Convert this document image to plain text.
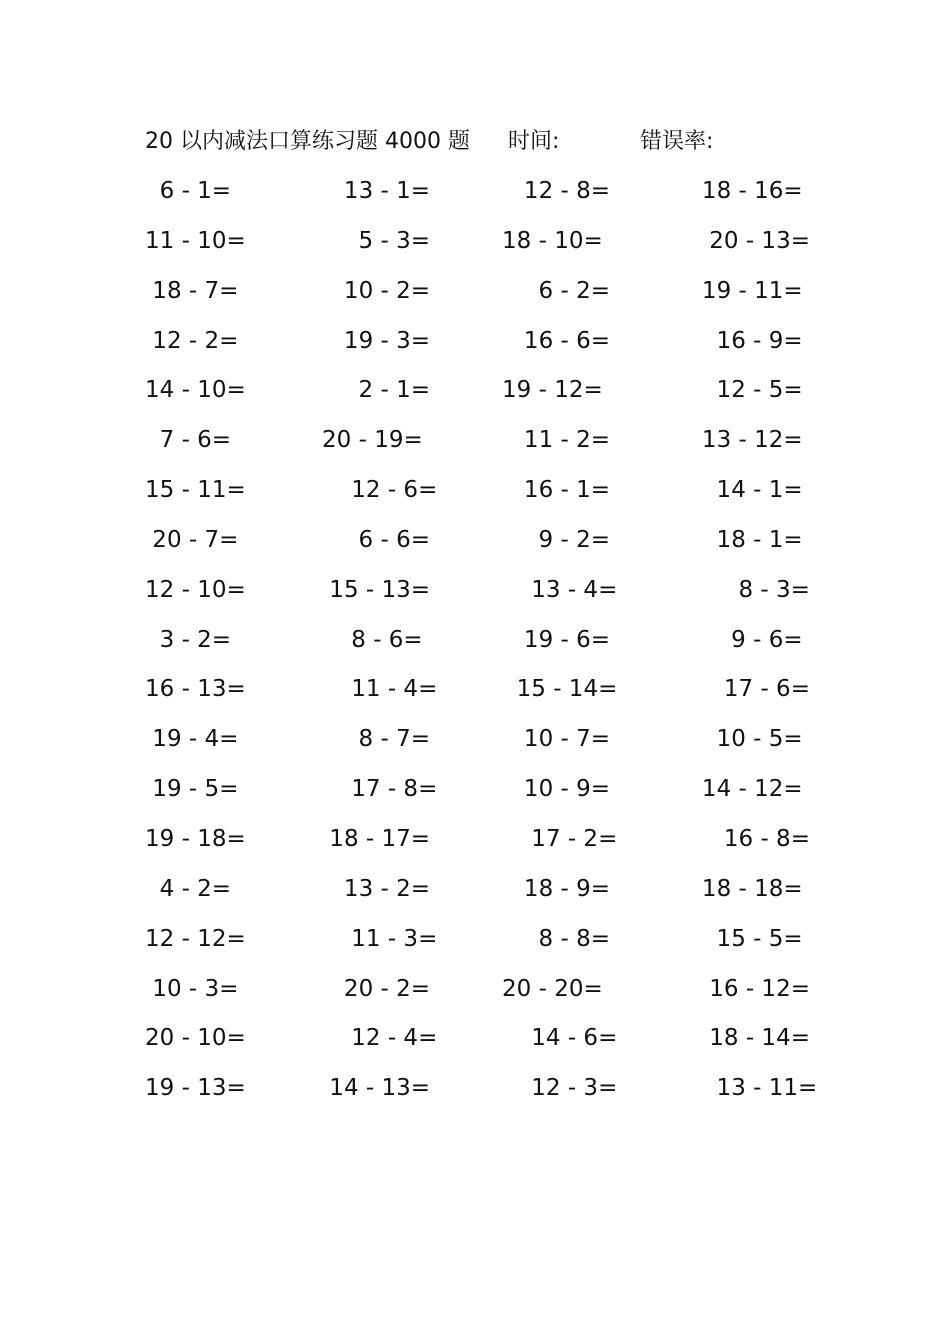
20 以内减法口算练习题 4000 题 时间:	错误率:
6 - 1=	13 - 1=	12 - 8=	18 - 16=
11 - 10=	5 - 3=	18 - 10=	20 - 13=
18 - 7=	10 - 2=	6 - 2=	19 - 11=
12 - 2=	19 - 3=	16 - 6=	16 - 9=
14 - 10=	2 - 1=	19 - 12=	12 - 5=
7 - 6=	20 - 19=	11 - 2=	13 - 12=
15 - 11=	12 - 6=	16 - 1=	14 - 1=
20 - 7=	6 - 6=	9 - 2=	18 - 1=
12 - 10=	15 - 13=	13 - 4=	8 - 3=
3 - 2=	8 - 6=	19 - 6=	9 - 6=
16 - 13=	11 - 4=	15 - 14=	17 - 6=
19 - 4=	8 - 7=	10 - 7=	10 - 5=
19 - 5=	17 - 8=	10 - 9=	14 - 12=
19 - 18=	18 - 17=	17 - 2=	16 - 8=
4 - 2=	13 - 2=	18 - 9=	18 - 18=
12 - 12=	11 - 3=	8 - 8=	15 - 5=
10 - 3=	20 - 2=	20 - 20=	16 - 12=
20 - 10=	12 - 4=	14 - 6=	18 - 14=
19 - 13=	14 - 13=	12 - 3=	13 - 11=
